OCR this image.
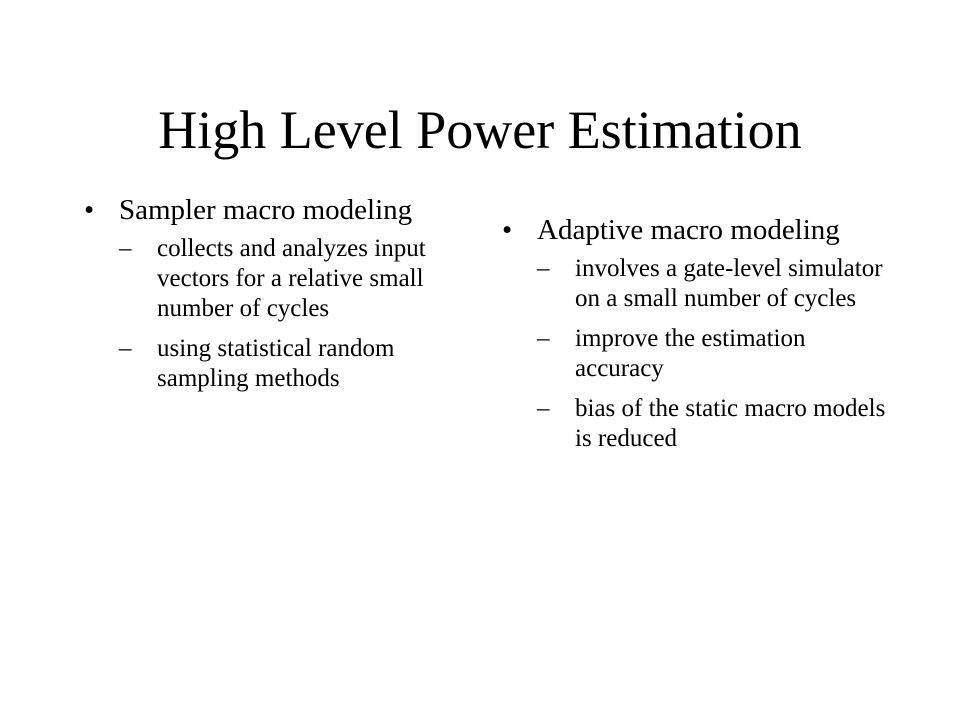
High Level Power Estimation
• Sampler macro modeling
– collects and analyzes input vectors for a relative small number of cycles
– using statistical random sampling methods
• Adaptive macro modeling
– involves a gate-level simulator on a small number of cycles
– improve the estimation accuracy
– bias of the static macro models is reduced
